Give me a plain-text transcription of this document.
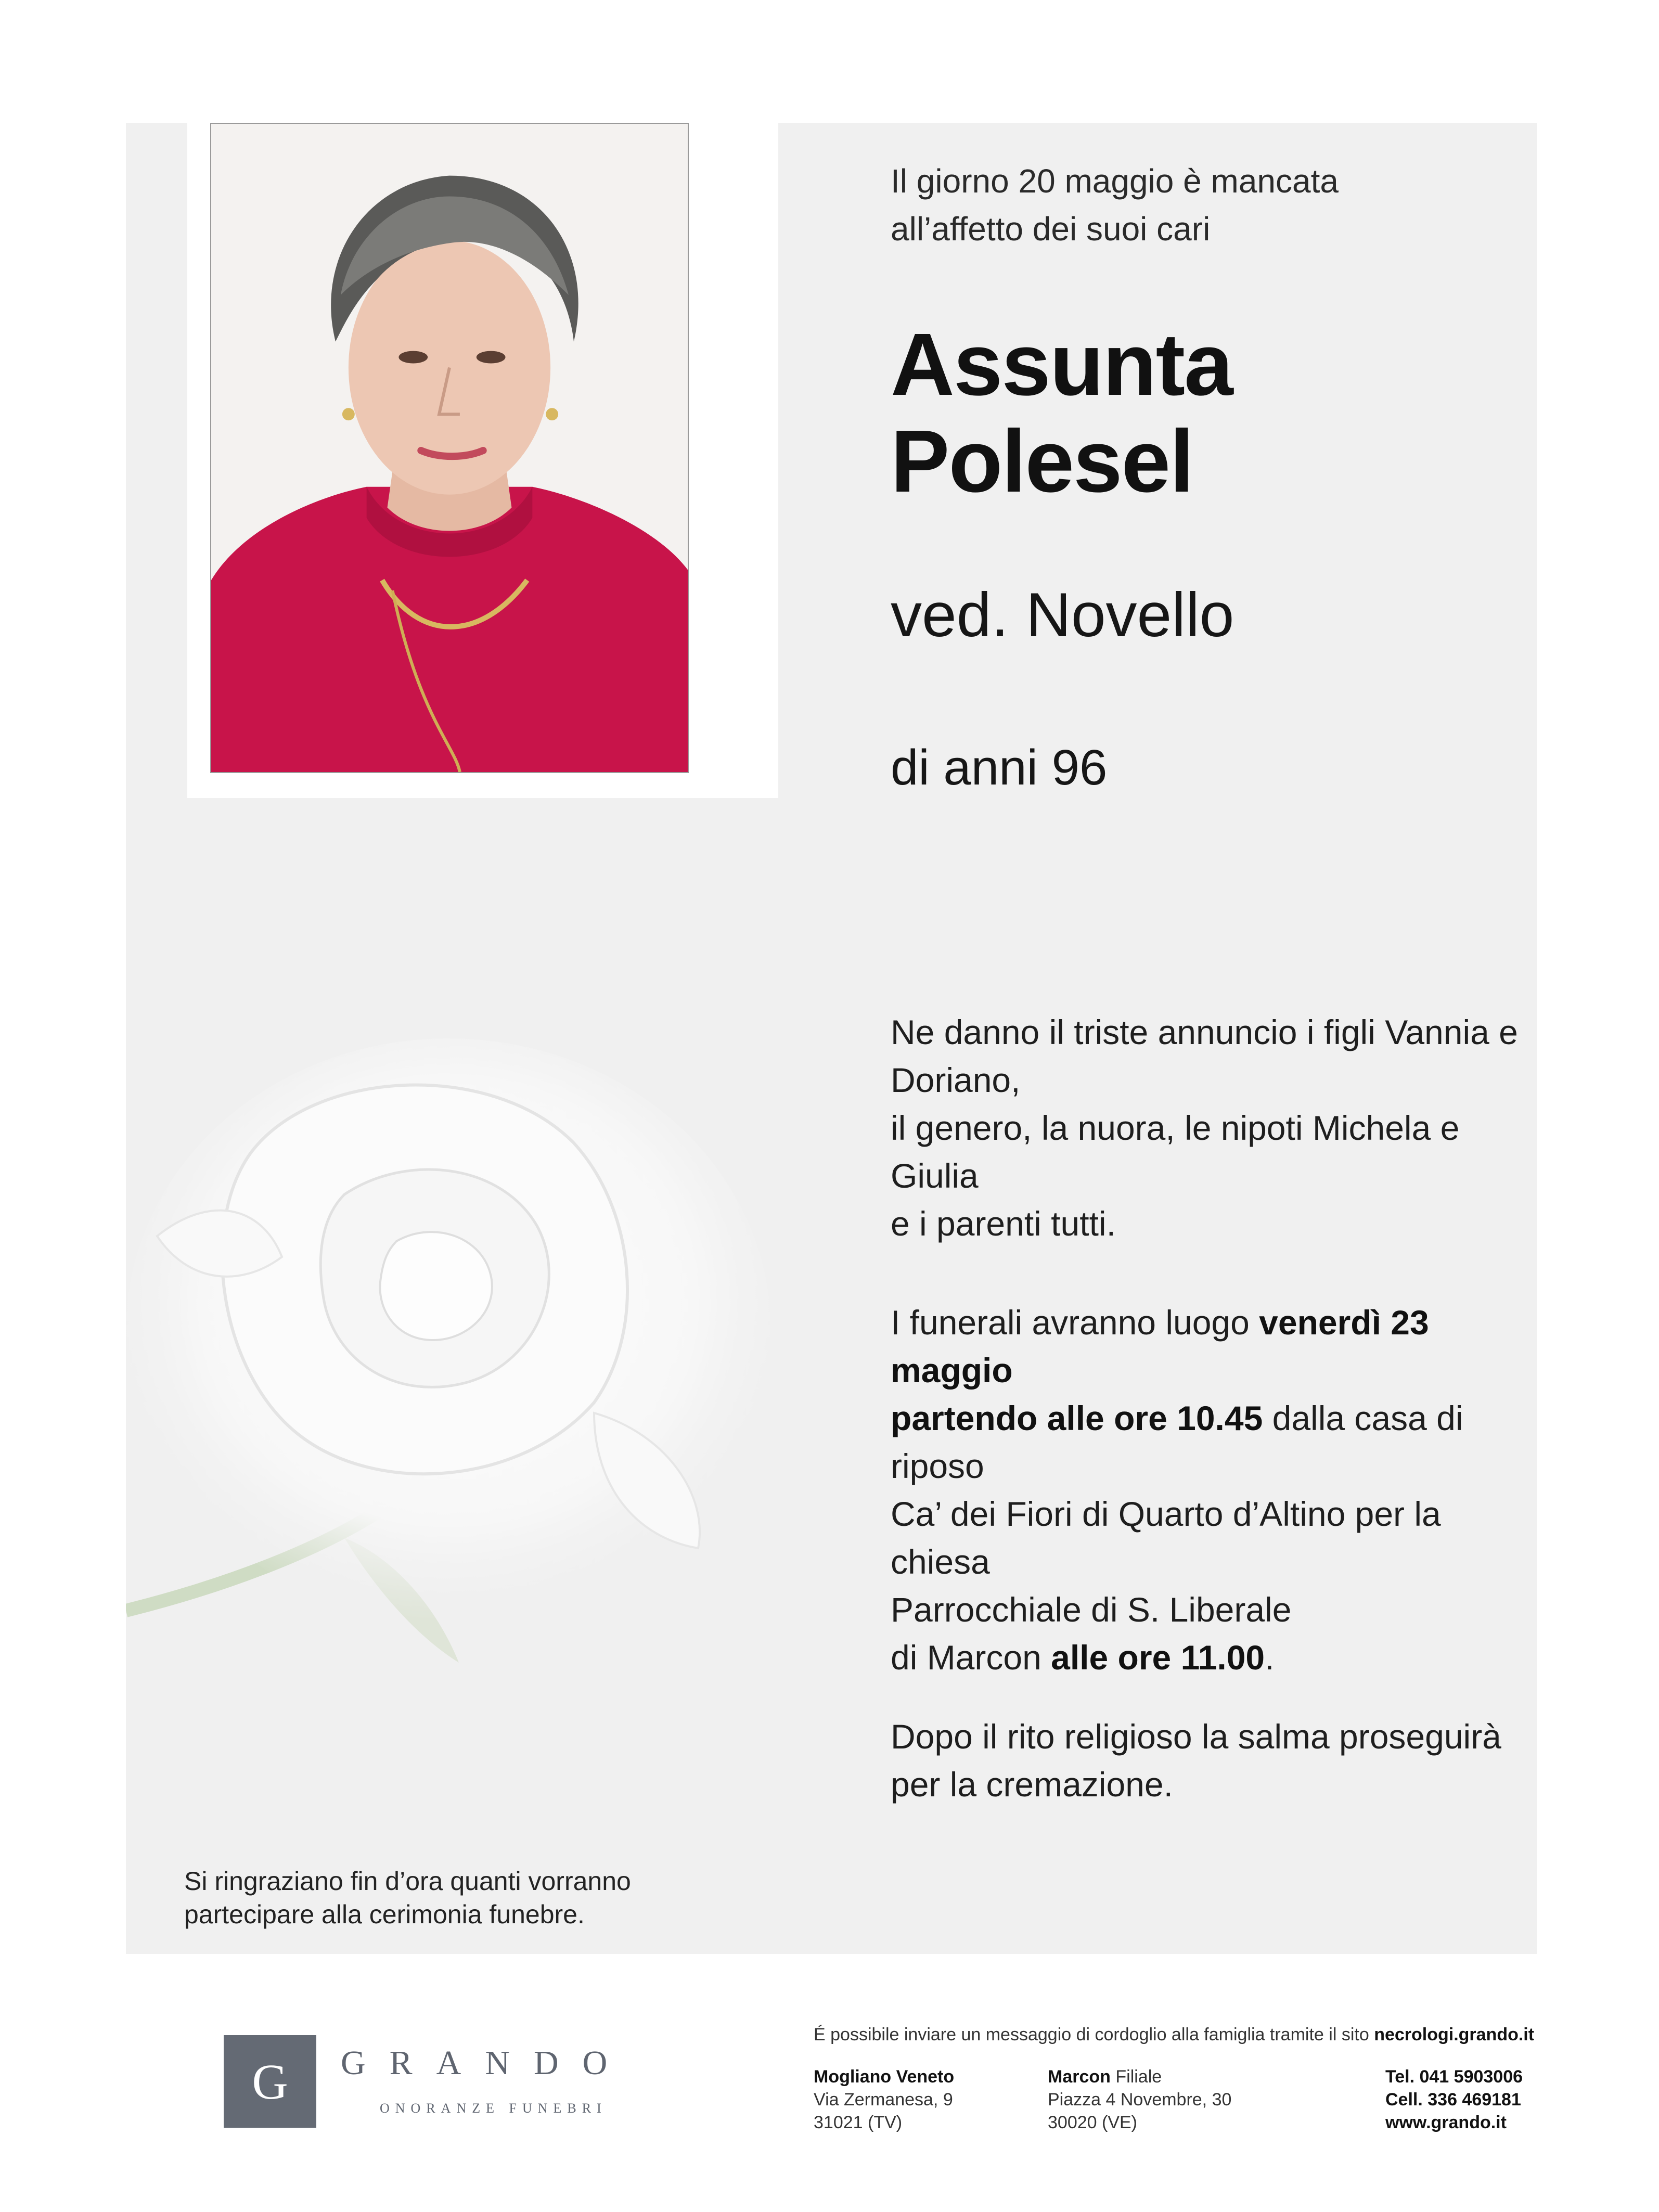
Il giorno 20 maggio è mancata
all’affetto dei suoi cari
Assunta
Polesel
ved. Novello
di anni 96
Ne danno il triste annuncio i figli Vannia e Doriano,
il genero, la nuora, le nipoti Michela e Giulia
e i parenti tutti.
I funerali avranno luogo venerdì 23 maggio
partendo alle ore 10.45 dalla casa di riposo
Ca’ dei Fiori di Quarto d’Altino per la chiesa
Parrocchiale di S. Liberale
di Marcon alle ore 11.00.
Dopo il rito religioso la salma proseguirà
per la cremazione.
Si ringraziano fin d’ora quanti vorranno
partecipare alla cerimonia funebre.
G GRANDO
ONORANZE FUNEBRI
É possibile inviare un messaggio di cordoglio alla famiglia tramite il sito necrologi.grando.it
Mogliano Veneto
Via Zermanesa, 9
31021 (TV)
Marcon Filiale
Piazza 4 Novembre, 30
30020 (VE)
Tel. 041 5903006
Cell. 336 469181
www.grando.it
